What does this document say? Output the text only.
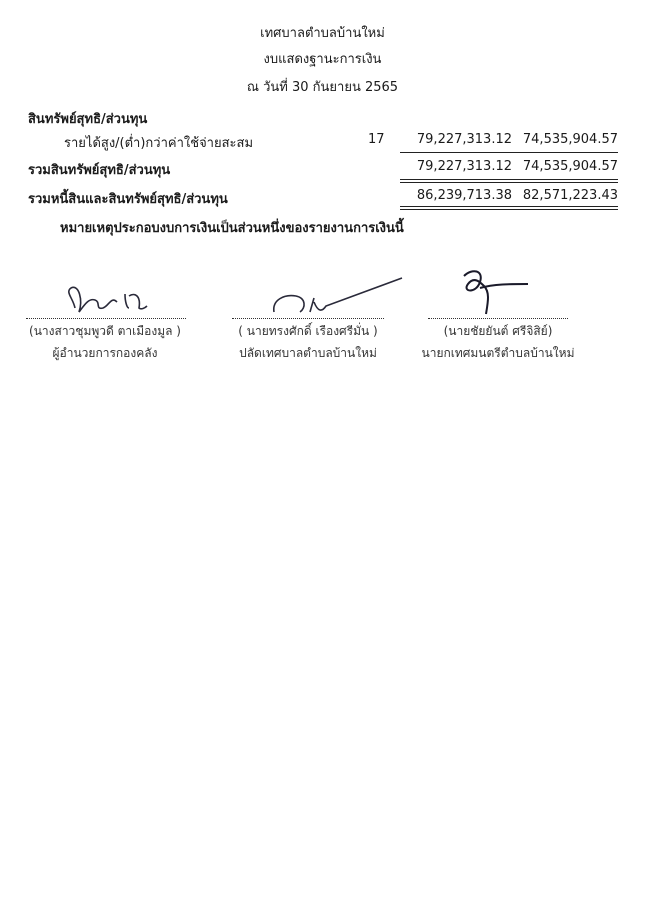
เทศบาลตำบลบ้านใหม่
งบแสดงฐานะการเงิน
ณ วันที่ 30 กันยายน 2565
สินทรัพย์สุทธิ/ส่วนทุน
รายได้สูง/(ต่ำ)กว่าค่าใช้จ่ายสะสม	17	79,227,313.12 74,535,904.57
รวมสินทรัพย์สุทธิ/ส่วนทุน	79,227,313.12 74,535,904.57
รวมหนี้สินและสินทรัพย์สุทธิ/ส่วนทุน	86,239,713.38 82,571,223.43
หมายเหตุประกอบงบการเงินเป็นส่วนหนึ่งของรายงานการเงินนี้
(นางสาวชุมพูวดี ตาเมืองมูล )
ผู้อำนวยการกองคลัง
( นายทรงศักดิ์ เรืองศรีมั่น )
ปลัดเทศบาลตำบลบ้านใหม่
(นายชัยยันต์ ศรีจิสิย์)
นายกเทศมนตรีตำบลบ้านใหม่
